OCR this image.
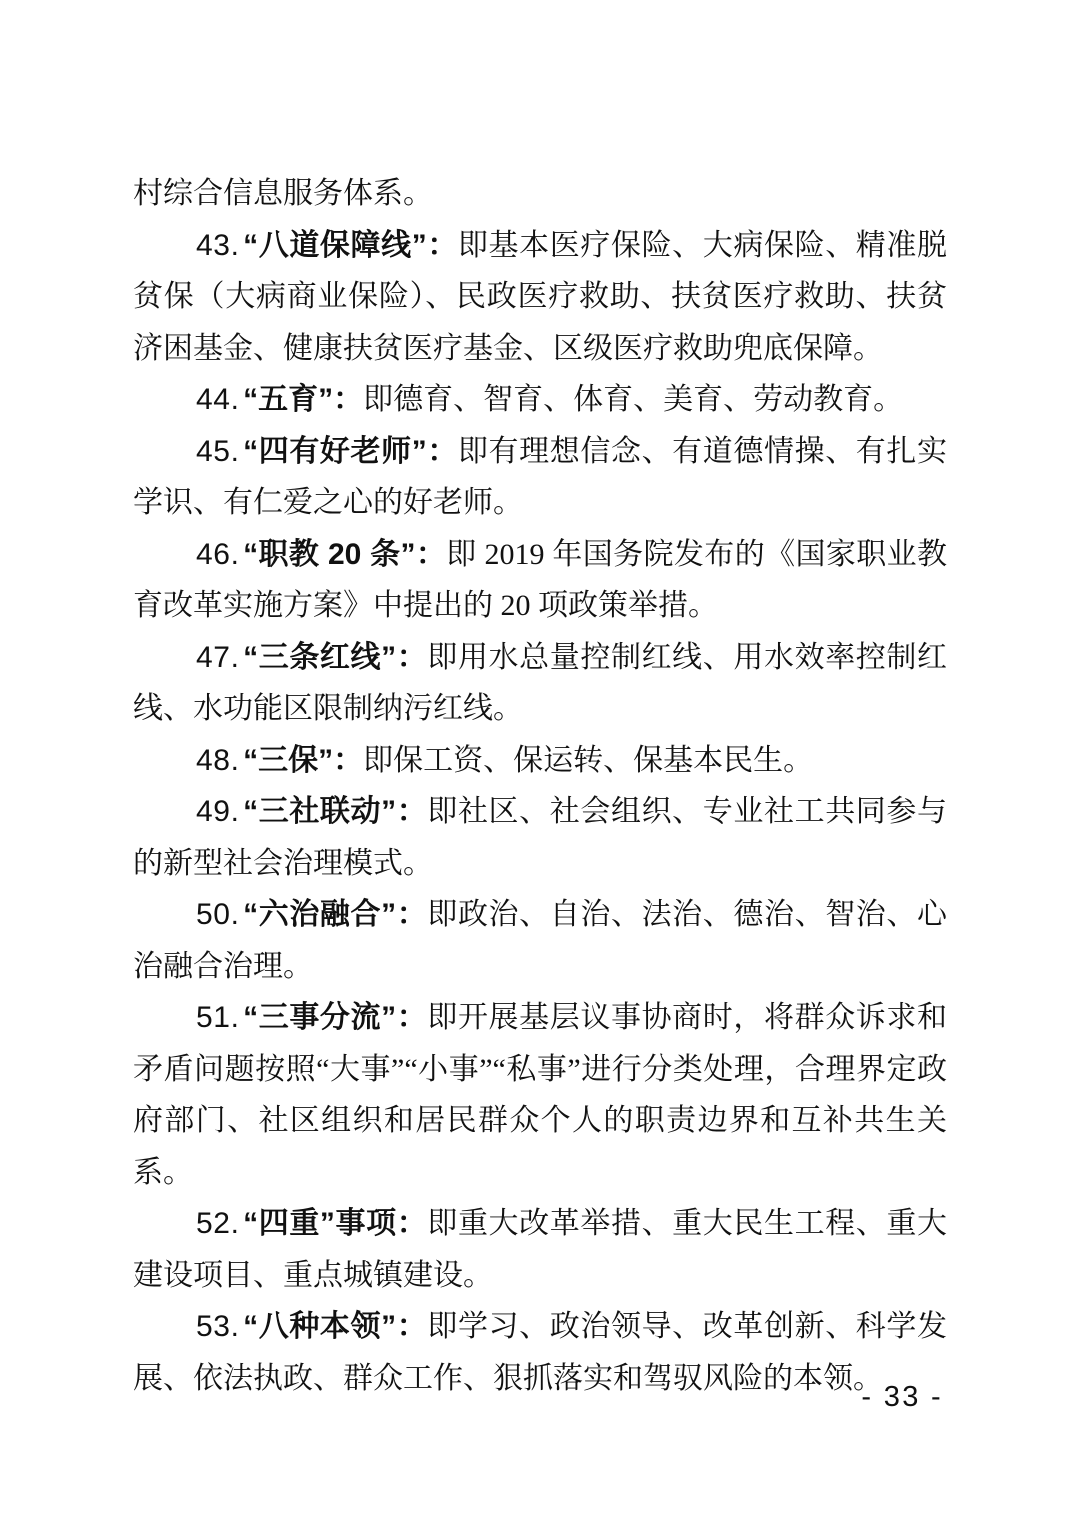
村综合信息服务体系。

43. “八道保障线”：即基本医疗保险、大病保险、精准脱贫保（大病商业保险）、民政医疗救助、扶贫医疗救助、扶贫济困基金、健康扶贫医疗基金、区级医疗救助兜底保障。

44. “五育”：即德育、智育、体育、美育、劳动教育。

45. “四有好老师”：即有理想信念、有道德情操、有扎实学识、有仁爱之心的好老师。

46. “职教 20 条”：即 2019 年国务院发布的《国家职业教育改革实施方案》中提出的 20 项政策举措。

47. “三条红线”：即用水总量控制红线、用水效率控制红线、水功能区限制纳污红线。

48. “三保”：即保工资、保运转、保基本民生。

49. “三社联动”：即社区、社会组织、专业社工共同参与的新型社会治理模式。

50. “六治融合”：即政治、自治、法治、德治、智治、心治融合治理。

51. “三事分流”：即开展基层议事协商时，将群众诉求和矛盾问题按照“大事”“小事”“私事”进行分类处理，合理界定政府部门、社区组织和居民群众个人的职责边界和互补共生关系。

52. “四重”事项：即重大改革举措、重大民生工程、重大建设项目、重点城镇建设。

53. “八种本领”：即学习、政治领导、改革创新、科学发展、依法执政、群众工作、狠抓落实和驾驭风险的本领。

- 33 -
